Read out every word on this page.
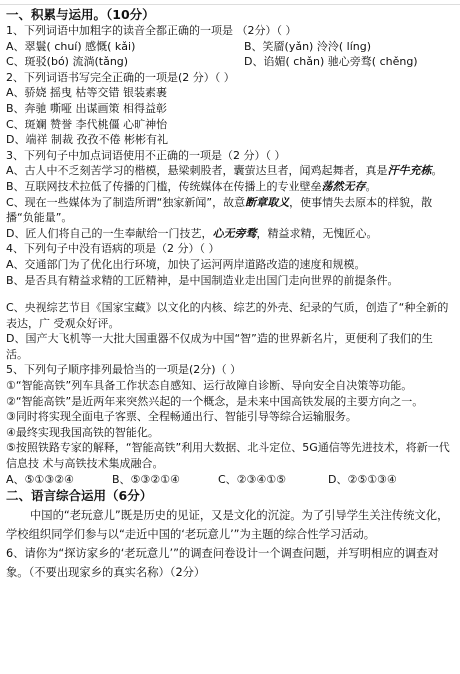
一、积累与运用。（10分）

1、下列词语中加粗字的读音全都正确的一项是 （2分）（ ）

A、翠鬟( chuí) 感慨( kǎi)	B、笑靥(yǎn) 泠泠( líng)
C、斑驳(bó) 流淌(tǎng)	D、谄媚( chǎn) 驰心旁骛( chěng)

2、下列词语书写完全正确的一项是(2 分）（ ）

A、骄娆 摇曳 枯等交错 银装素裹

B、奔驰 嘶哑 出谋画策 相得益彰

C、斑斓 赞誉 李代桃僵 心旷神怡

D、端祥 制裁 孜孜不倦 彬彬有礼

3、下列句子中加点词语使用不正确的一项是（2 分）（ ）

A、古人中不乏刻苦学习的楷模，悬梁刺股者，囊萤达旦者，闻鸡起舞者，真是汗牛充栋。

B、互联网技术拉低了传播的门槛，传统媒体在传播上的专业壁垒荡然无存。

C、现在一些媒体为了制造所谓“独家新闻”，故意断章取义，使事情失去原本的样貌，散播“负能量”。

D、匠人们将自己的一生奉献给一门技艺，心无旁骛，精益求精，无愧匠心。

4、下列句子中没有语病的项是（2 分）（ ）

A、交通部门为了优化出行环境，加快了运河两岸道路改造的速度和规模。

B、是否具有精益求精的工匠精神，是中国制造业走出国门走向世界的前提条件。

C、央视综艺节目《国家宝藏》以文化的内核、综艺的外壳、纪录的气质，创造了“种全新的表达，广 受观众好评。

D、国产大飞机等一大批大国重器不仅成为中国“智”造的世界新名片，更便利了我们的生活。

5、下列句子顺序排列最恰当的一项是(2分)（ ）

①“智能高铁”列车具备工作状态自感知、运行故障自诊断、导向安全自决策等功能。

②“智能高铁”是近两年来突然兴起的一个概念，是未来中国高铁发展的主要方向之一。

③同时将实现全面电子客票、全程畅通出行、智能引导等综合运输服务。

④最终实现我国高铁的智能化。

⑤按照铁路专家的解释，“智能高铁”利用大数据、北斗定位、5G通信等先进技术，将新一代信息技 术与高铁技术集成融合。

A、⑤①③②④	B、⑤③②①④	C、②③④①⑤	D、②⑤①③④

二、语言综合运用（6分）

中国的“老玩意儿”既是历史的见证，又是文化的沉淀。为了引导学生关注传统文化，学校组织同学们参与以“走近中国的‘老玩意儿’”为主题的综合性学习活动。

6、请你为“探访家乡的‘老玩意儿’”的调查问卷设计一个调查问题，并写明相应的调查对象。（不要出现家乡的真实名称）（2分）
